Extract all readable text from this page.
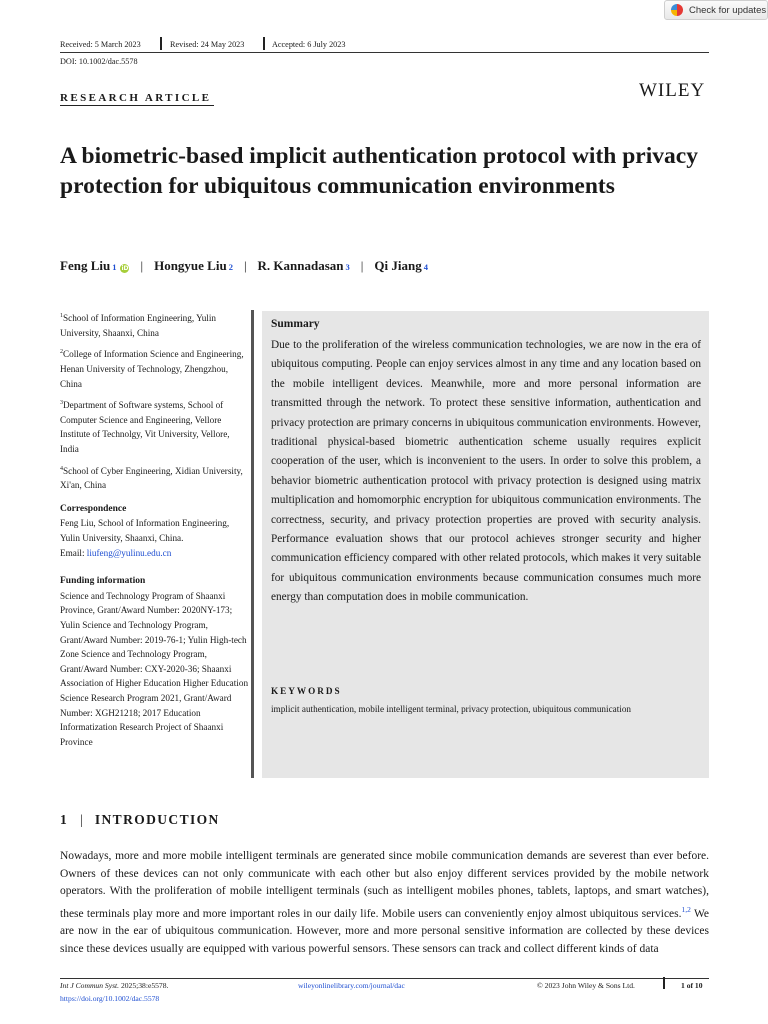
Check for updates
Received: 5 March 2023	Revised: 24 May 2023	Accepted: 6 July 2023
DOI: 10.1002/dac.5578
RESEARCH ARTICLE	WILEY
A biometric-based implicit authentication protocol with privacy protection for ubiquitous communication environments
Feng Liu 1 iD | Hongyue Liu 2 | R. Kannadasan 3 | Qi Jiang 4
$^1$School of Information Engineering, Yulin University, Shaanxi, China
$^2$College of Information Science and Engineering, Henan University of Technology, Zhengzhou, China
$^3$Department of Software systems, School of Computer Science and Engineering, Vellore Institute of Technolgy, Vit University, Vellore, India
$^4$School of Cyber Engineering, Xidian University, Xi'an, China
Correspondence

Feng Liu, School of Information Engineering, Yulin University, Shaanxi, China.

Email: liufeng@yulinu.edu.cn

Funding information

Science and Technology Program of Shaanxi Province, Grant/Award Number: 2020NY-173; Yulin Science and Technology Program, Grant/Award Number: 2019-76-1; Yulin High-tech Zone Science and Technology Program, Grant/Award Number: CXY-2020-36; Shaanxi Association of Higher Education Higher Education Science Research Program 2021, Grant/Award Number: XGH21218; 2017 Education Informatization Research Project of Shaanxi Province

Summary
Due to the proliferation of the wireless communication technologies, we are now in the era of ubiquitous computing. People can enjoy services almost in any time and any location based on the mobile intelligent devices. Meanwhile, more and more personal information are transmitted through the network. To protect these sensitive information, authentication and privacy protection are primary concerns in ubiquitous communication environments. However, traditional physical-based biometric authentication scheme usually requires explicit cooperation of the user, which is inconvenient to the users. In order to solve this problem, a behavior biometric authentication protocol with privacy protection is designed using matrix multiplication and homomorphic encryption for ubiquitous communication environments. The correctness, security, and privacy protection properties are proved with security analysis. Performance evaluation shows that our protocol achieves stronger security and higher communication efficiency compared with other related protocols, which makes it very suitable for ubiquitous communication environments because communication consumes much more energy than computation does in mobile communication.
KEYWORDS
implicit authentication, mobile intelligent terminal, privacy protection, ubiquitous communication
1 | INTRODUCTION
Nowadays, more and more mobile intelligent terminals are generated since mobile communication demands are severest than ever before. Owners of these devices can not only communicate with each other but also enjoy different services provided by the mobile network operators. With the proliferation of mobile intelligent terminals (such as intelligent mobiles phones, tablets, laptops, and smart watches), these terminals play more and more important roles in our daily life. Mobile users can conveniently enjoy almost ubiquitous services.$^{1,2}$ We are now in the ear of ubiquitous communication. However, more and more personal sensitive information are collected by these devices since these devices usually are equipped with various powerful sensors. These sensors can track and collect different kinds of data
Int J Commun Syst. 2025;38:e5578.
https://doi.org/10.1002/dac.5578
wileyonlinelibrary.com/journal/dac	© 2023 John Wiley & Sons Ltd.	1 of 10
